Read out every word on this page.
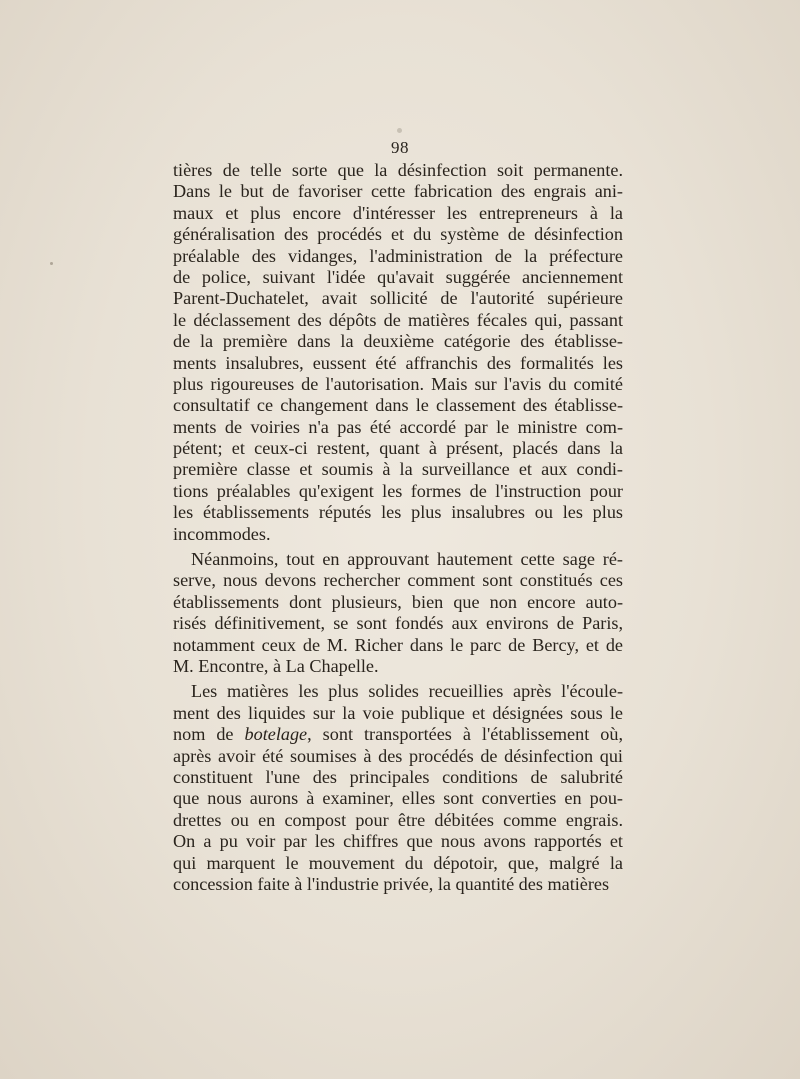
98
tières de telle sorte que la désinfection soit permanente.
Dans le but de favoriser cette fabrication des engrais ani-
maux et plus encore d'intéresser les entrepreneurs à la
généralisation des procédés et du système de désinfection
préalable des vidanges, l'administration de la préfecture
de police, suivant l'idée qu'avait suggérée anciennement
Parent-Duchatelet, avait sollicité de l'autorité supérieure
le déclassement des dépôts de matières fécales qui, passant
de la première dans la deuxième catégorie des établisse-
ments insalubres, eussent été affranchis des formalités les
plus rigoureuses de l'autorisation. Mais sur l'avis du comité
consultatif ce changement dans le classement des établisse-
ments de voiries n'a pas été accordé par le ministre com-
pétent; et ceux-ci restent, quant à présent, placés dans la
première classe et soumis à la surveillance et aux condi-
tions préalables qu'exigent les formes de l'instruction pour
les établissements réputés les plus insalubres ou les plus
incommodes.
Néanmoins, tout en approuvant hautement cette sage ré-
serve, nous devons rechercher comment sont constitués ces
établissements dont plusieurs, bien que non encore auto-
risés définitivement, se sont fondés aux environs de Paris,
notamment ceux de M. Richer dans le parc de Bercy, et de
M. Encontre, à La Chapelle.
Les matières les plus solides recueillies après l'écoule-
ment des liquides sur la voie publique et désignées sous le
nom de botelage, sont transportées à l'établissement où,
après avoir été soumises à des procédés de désinfection qui
constituent l'une des principales conditions de salubrité
que nous aurons à examiner, elles sont converties en pou-
drettes ou en compost pour être débitées comme engrais.
On a pu voir par les chiffres que nous avons rapportés et
qui marquent le mouvement du dépotoir, que, malgré la
concession faite à l'industrie privée, la quantité des matières
